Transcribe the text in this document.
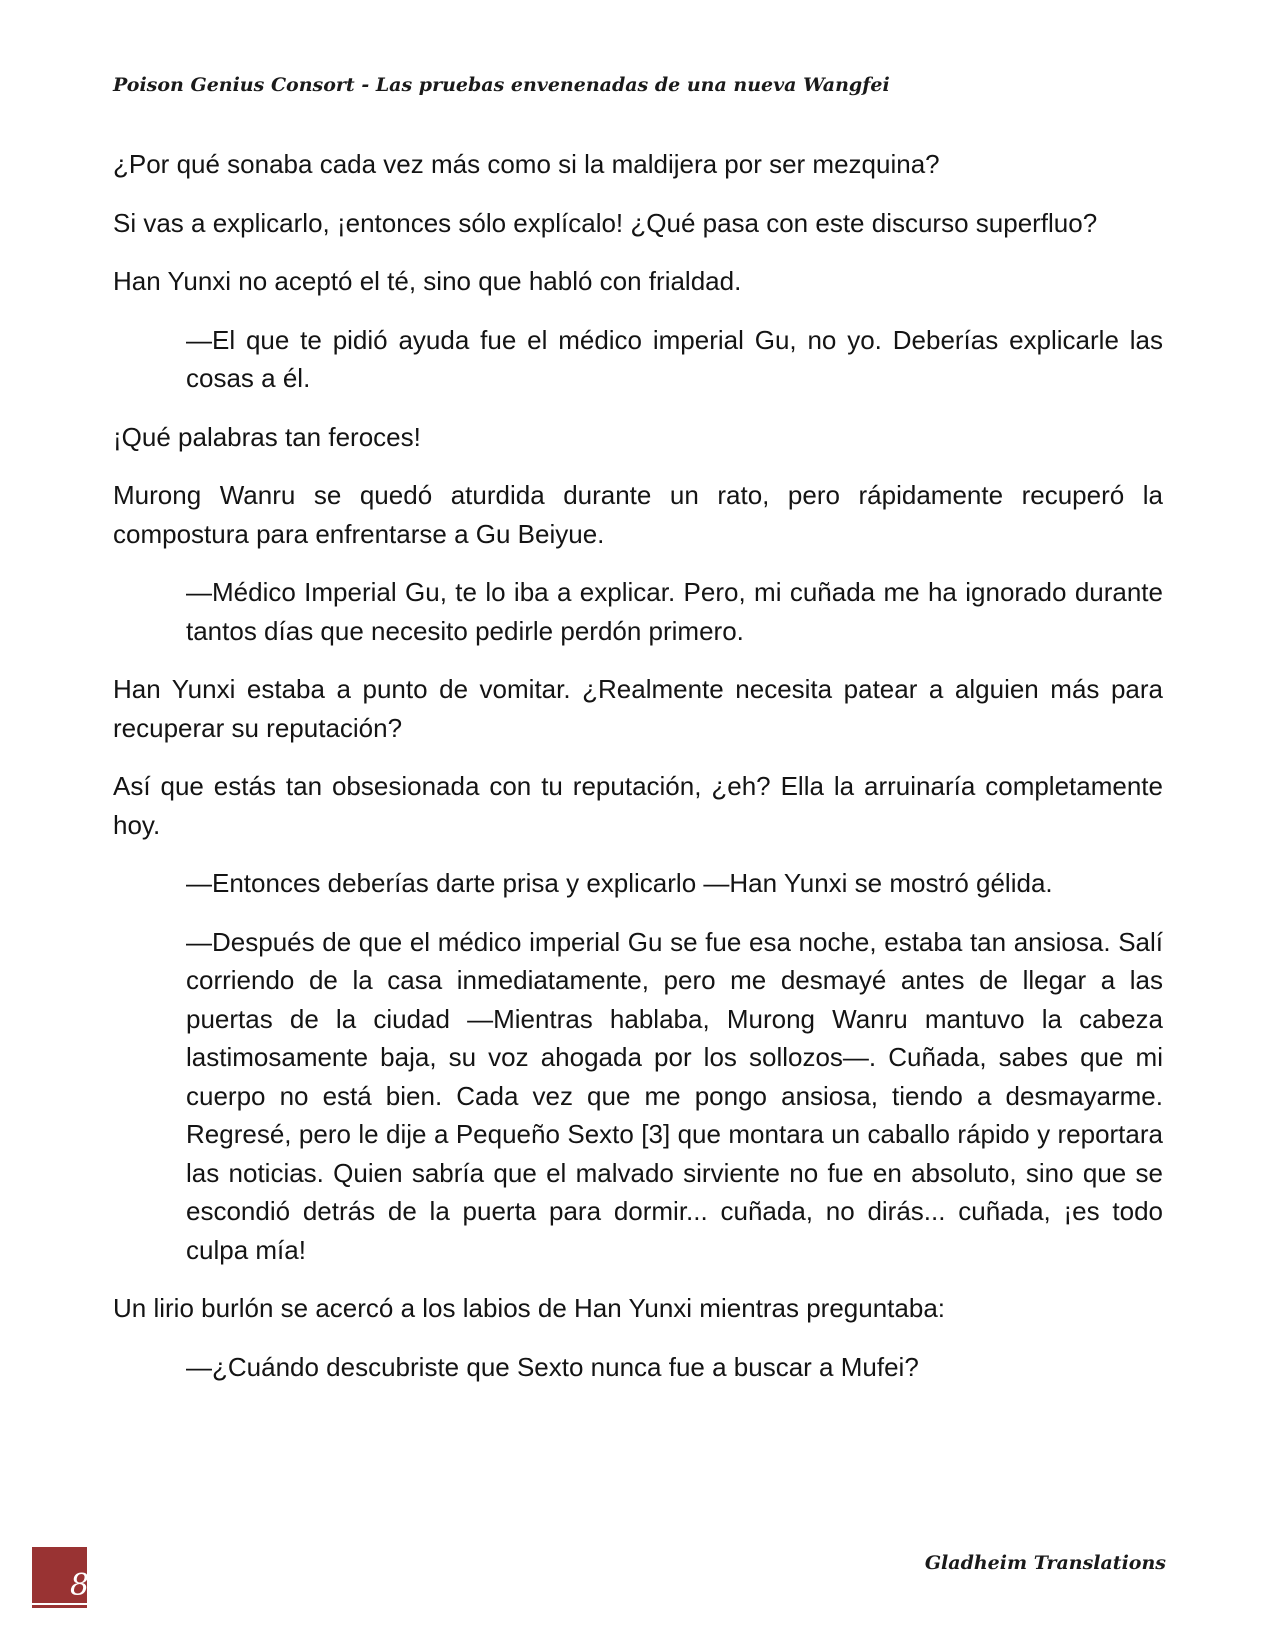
Poison Genius Consort - Las pruebas envenenadas de una nueva Wangfei

¿Por qué sonaba cada vez más como si la maldijera por ser mezquina?

Si vas a explicarlo, ¡entonces sólo explícalo! ¿Qué pasa con este discurso superfluo?

Han Yunxi no aceptó el té, sino que habló con frialdad.

—El que te pidió ayuda fue el médico imperial Gu, no yo. Deberías explicarle las cosas a él.

¡Qué palabras tan feroces!

Murong Wanru se quedó aturdida durante un rato, pero rápidamente recuperó la compostura para enfrentarse a Gu Beiyue.

—Médico Imperial Gu, te lo iba a explicar. Pero, mi cuñada me ha ignorado durante tantos días que necesito pedirle perdón primero.

Han Yunxi estaba a punto de vomitar. ¿Realmente necesita patear a alguien más para recuperar su reputación?

Así que estás tan obsesionada con tu reputación, ¿eh? Ella la arruinaría completamente hoy.

—Entonces deberías darte prisa y explicarlo —Han Yunxi se mostró gélida.

—Después de que el médico imperial Gu se fue esa noche, estaba tan ansiosa. Salí corriendo de la casa inmediatamente, pero me desmayé antes de llegar a las puertas de la ciudad —Mientras hablaba, Murong Wanru mantuvo la cabeza lastimosamente baja, su voz ahogada por los sollozos—. Cuñada, sabes que mi cuerpo no está bien. Cada vez que me pongo ansiosa, tiendo a desmayarme. Regresé, pero le dije a Pequeño Sexto [3] que montara un caballo rápido y reportara las noticias. Quien sabría que el malvado sirviente no fue en absoluto, sino que se escondió detrás de la puerta para dormir... cuñada, no dirás... cuñada, ¡es todo culpa mía!

Un lirio burlón se acercó a los labios de Han Yunxi mientras preguntaba:

—¿Cuándo descubriste que Sexto nunca fue a buscar a Mufei?

8
Gladheim Translations
